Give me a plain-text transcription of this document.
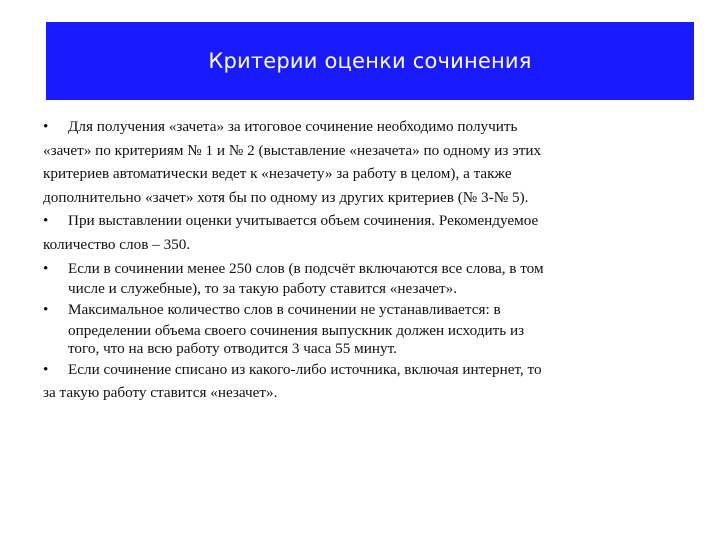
Критерии оценки сочинения
•	Для получения «зачета» за итоговое сочинение необходимо получить
«зачет» по критериям № 1 и № 2 (выставление «незачета» по одному из этих
критериев автоматически ведет к «незачету» за работу в целом), а также
дополнительно «зачет» хотя бы по одному из других критериев (№ 3-№ 5).
•	При выставлении оценки учитывается объем сочинения. Рекомендуемое
количество слов – 350.
•	Если в сочинении менее 250 слов (в подсчёт включаются все слова, в том
числе и служебные), то за такую работу ставится «незачет».
•	Максимальное количество слов в сочинении не устанавливается: в
определении объема своего сочинения выпускник должен исходить из
того, что на всю работу отводится 3 часа 55 минут.
•	Если сочинение списано из какого-либо источника, включая интернет, то
за такую работу ставится «незачет».
